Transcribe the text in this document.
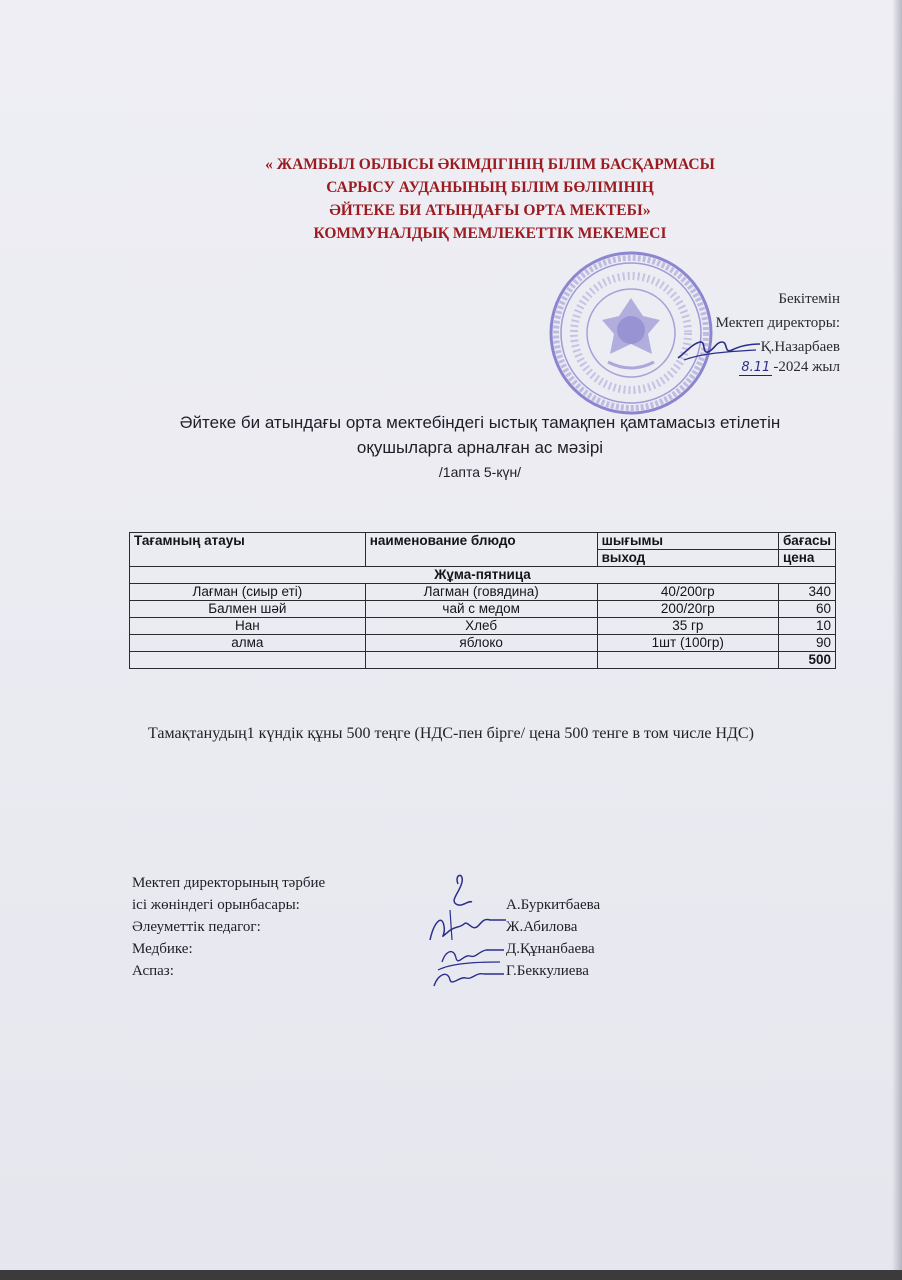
« ЖАМБЫЛ ОБЛЫСЫ ӘКІМДІГІНІҢ БІЛІМ БАСҚАРМАСЫ
САРЫСУ АУДАНЫНЫҢ БІЛІМ БӨЛІМІНІҢ
ӘЙТЕКЕ БИ АТЫНДАҒЫ ОРТА МЕКТЕБІ»
КОММУНАЛДЫҚ МЕМЛЕКЕТТІК МЕКЕМЕСІ
Бекітемін
Мектеп директоры:
Қ.Назарбаев
8.11 -2024 жыл
Әйтеке би атындағы орта мектебіндегі ыстық тамақпен қамтамасыз етілетін
оқушыларга арналған ас мәзірі
/1апта 5-күн/
Тағамның атауы	наименование блюдо	шығымы	бағасы
		выход	цена
Жұма-пятница			
Лағман (сиыр еті)	Лагман (говядина)	40/200гр	340
Балмен шәй	чай с медом	200/20гр	60
Нан	Хлеб	35 гр	10
алма	яблоко	1шт (100гр)	90
			500
Тамақтанудың1 күндік құны 500 теңге (НДС-пен бірге/ цена 500 тенге в том числе НДС)
Мектеп директорының тәрбие
ісі жөніндегі орынбасары:	А.Буркитбаева
Әлеуметтік педагог:	Ж.Абилова
Медбике:	Д.Құнанбаева
Аспаз:	Г.Беккулиева
